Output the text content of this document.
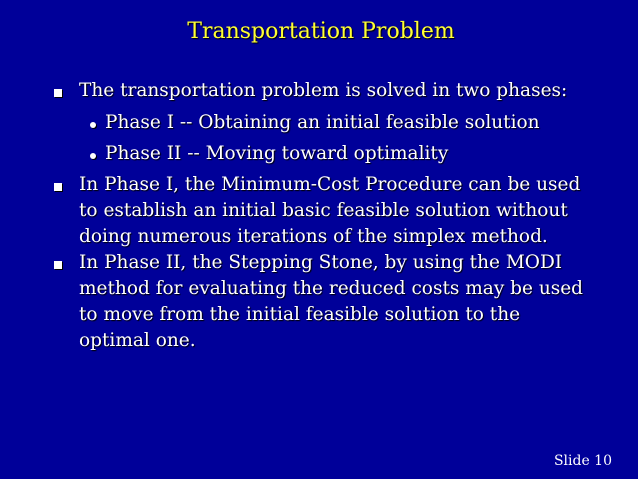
Transportation Problem
The transportation problem is solved in two phases:
Phase I -- Obtaining an initial feasible solution
Phase II -- Moving toward optimality
In Phase I, the Minimum-Cost Procedure can be used
to establish an initial basic feasible solution without
doing numerous iterations of the simplex method.
In Phase II, the Stepping Stone, by using the MODI
method for evaluating the reduced costs may be used
to move from the initial feasible solution to the
optimal one.
Slide 10
